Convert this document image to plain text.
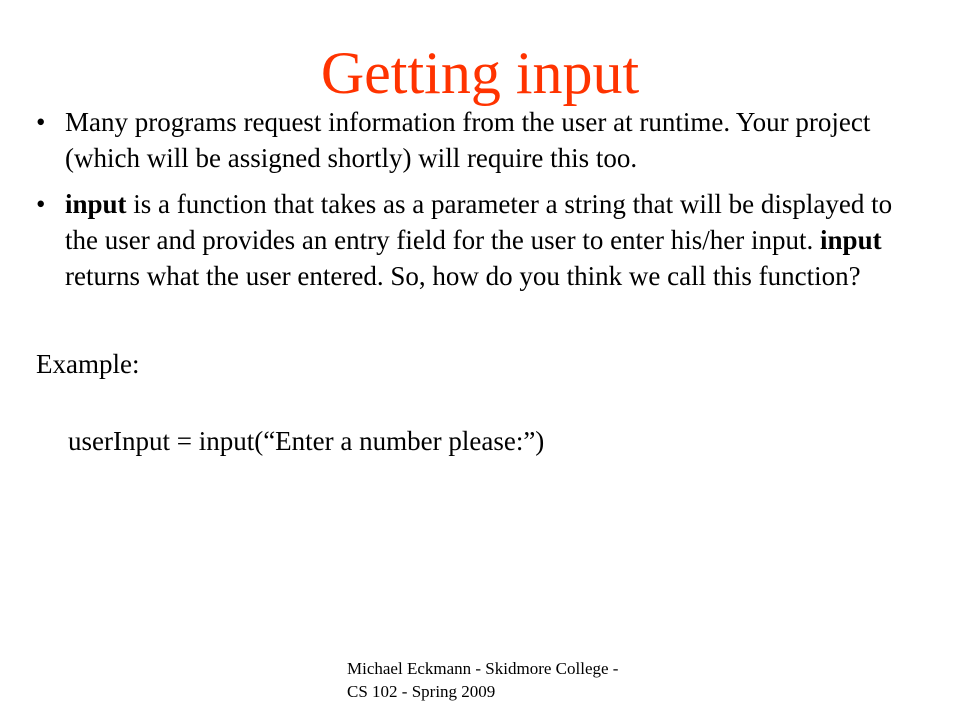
Getting input
• Many programs request information from the user at runtime. Your project (which will be assigned shortly) will require this too.
• input is a function that takes as a parameter a string that will be displayed to the user and provides an entry field for the user to enter his/her input. input returns what the user entered. So, how do you think we call this function?
Example:
userInput = input(“Enter a number please:”)
Michael Eckmann - Skidmore College - CS 102 - Spring 2009
